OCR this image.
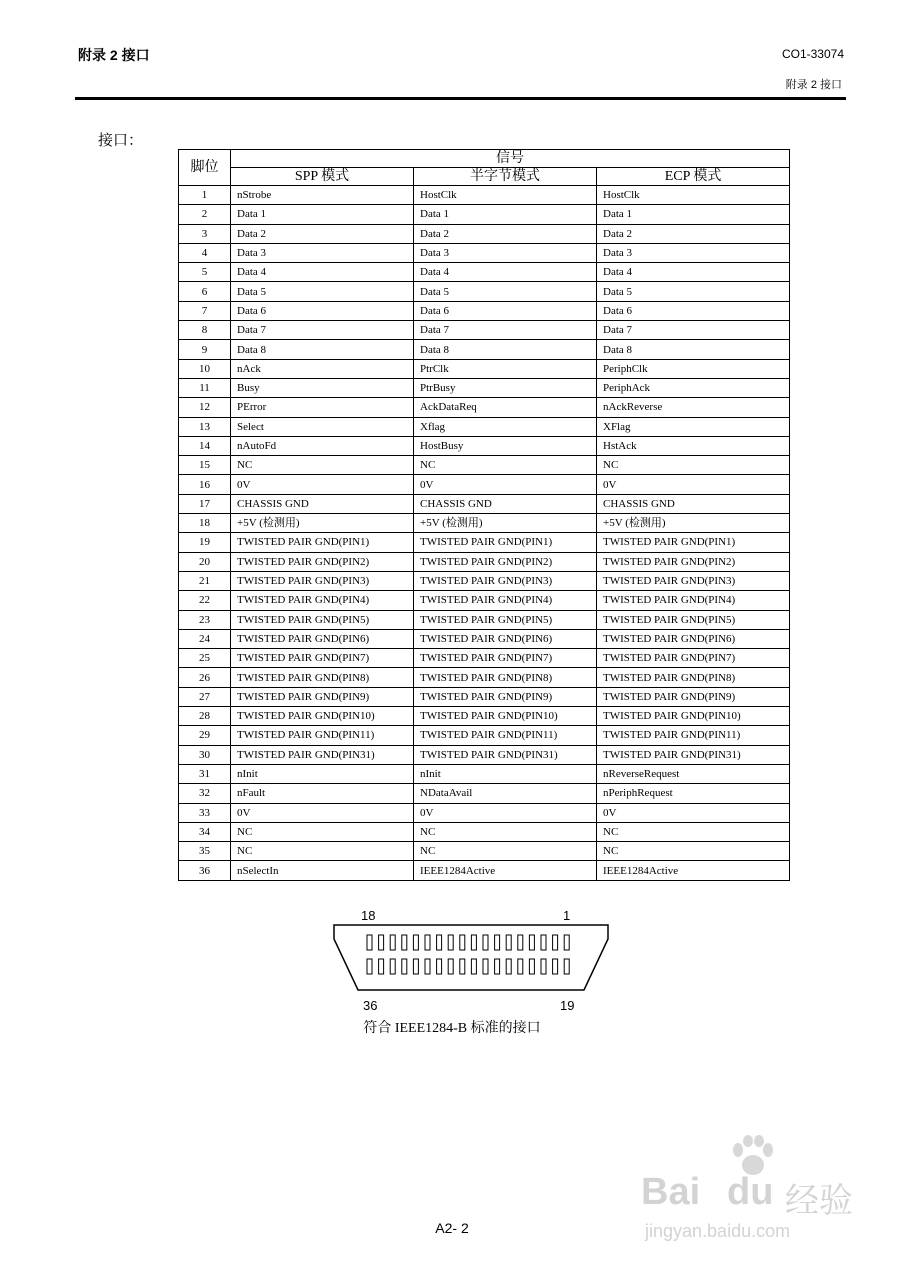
附录 2 接口	CO1-33074
附录 2 接口
接口：
脚位	信号		
	SPP 模式	半字节模式	ECP 模式
1	nStrobe	HostClk	HostClk
2	Data 1	Data 1	Data 1
3	Data 2	Data 2	Data 2
4	Data 3	Data 3	Data 3
5	Data 4	Data 4	Data 4
6	Data 5	Data 5	Data 5
7	Data 6	Data 6	Data 6
8	Data 7	Data 7	Data 7
9	Data 8	Data 8	Data 8
10	nAck	PtrClk	PeriphClk
11	Busy	PtrBusy	PeriphAck
12	PError	AckDataReq	nAckReverse
13	Select	Xflag	XFlag
14	nAutoFd	HostBusy	HstAck
15	NC	NC	NC
16	0V	0V	0V
17	CHASSIS GND	CHASSIS GND	CHASSIS GND
18	+5V (检测用)	+5V (检测用)	+5V (检测用)
19	TWISTED PAIR GND(PIN1)	TWISTED PAIR GND(PIN1)	TWISTED PAIR GND(PIN1)
20	TWISTED PAIR GND(PIN2)	TWISTED PAIR GND(PIN2)	TWISTED PAIR GND(PIN2)
21	TWISTED PAIR GND(PIN3)	TWISTED PAIR GND(PIN3)	TWISTED PAIR GND(PIN3)
22	TWISTED PAIR GND(PIN4)	TWISTED PAIR GND(PIN4)	TWISTED PAIR GND(PIN4)
23	TWISTED PAIR GND(PIN5)	TWISTED PAIR GND(PIN5)	TWISTED PAIR GND(PIN5)
24	TWISTED PAIR GND(PIN6)	TWISTED PAIR GND(PIN6)	TWISTED PAIR GND(PIN6)
25	TWISTED PAIR GND(PIN7)	TWISTED PAIR GND(PIN7)	TWISTED PAIR GND(PIN7)
26	TWISTED PAIR GND(PIN8)	TWISTED PAIR GND(PIN8)	TWISTED PAIR GND(PIN8)
27	TWISTED PAIR GND(PIN9)	TWISTED PAIR GND(PIN9)	TWISTED PAIR GND(PIN9)
28	TWISTED PAIR GND(PIN10)	TWISTED PAIR GND(PIN10)	TWISTED PAIR GND(PIN10)
29	TWISTED PAIR GND(PIN11)	TWISTED PAIR GND(PIN11)	TWISTED PAIR GND(PIN11)
30	TWISTED PAIR GND(PIN31)	TWISTED PAIR GND(PIN31)	TWISTED PAIR GND(PIN31)
31	nInit	nInit	nReverseRequest
32	nFault	NDataAvail	nPeriphRequest
33	0V	0V	0V
34	NC	NC	NC
35	NC	NC	NC
36	nSelectIn	IEEE1284Active	IEEE1284Active
18	1
36	19
符合 IEEE1284-B 标准的接口
Bai du 经验
jingyan.baidu.com
A2- 2
